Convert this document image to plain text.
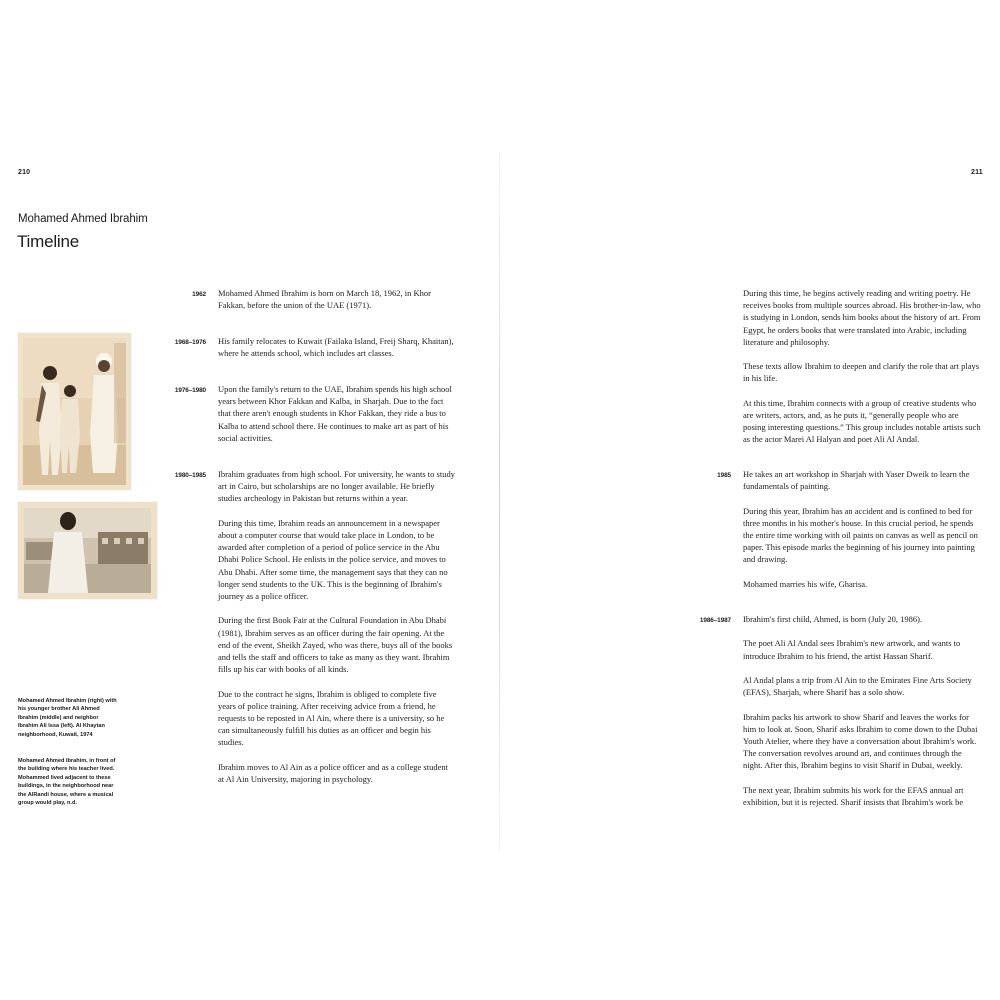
210
Mohamed Ahmed Ibrahim
Timeline
Mohamed Ahmed Ibrahim (right) with his younger brother Ali Ahmed Ibrahim (middle) and neighbor Ibrahim Ali Issa (left). Al Khaytan neighborhood, Kuwait, 1974
Mohamed Ahmed Ibrahim, in front of the building where his teacher lived. Mohammed lived adjacent to these buildings, in the neighborhood near the AlRandi house, where a musical group would play, n.d.
1962 Mohamed Ahmed Ibrahim is born on March 18, 1962, in Khor Fakkan, before the union of the UAE (1971).

1968–1976 His family relocates to Kuwait (Failaka Island, Freij Sharq, Khaitan), where he attends school, which includes art classes.

1976–1980 Upon the family's return to the UAE, Ibrahim spends his high school years between Khor Fakkan and Kalba, in Sharjah. Due to the fact that there aren't enough students in Khor Fakkan, they ride a bus to Kalba to attend school there. He continues to make art as part of his social activities.

1980–1985 Ibrahim graduates from high school. For university, he wants to study art in Cairo, but scholarships are no longer available. He briefly studies archeology in Pakistan but returns within a year.

During this time, Ibrahim reads an announcement in a newspaper about a computer course that would take place in London, to be awarded after completion of a period of police service in the Abu Dhabi Police School. He enlists in the police service, and moves to Abu Dhabi. After some time, the management says that they can no longer send students to the UK. This is the beginning of Ibrahim's journey as a police officer.

During the first Book Fair at the Cultural Foundation in Abu Dhabi (1981), Ibrahim serves as an officer during the fair opening. At the end of the event, Sheikh Zayed, who was there, buys all of the books and tells the staff and officers to take as many as they want. Ibrahim fills up his car with books of all kinds.

Due to the contract he signs, Ibrahim is obliged to complete five years of police training. After receiving advice from a friend, he requests to be reposted in Al Ain, where there is a university, so he can simultaneously fulfill his duties as an officer and begin his studies.

Ibrahim moves to Al Ain as a police officer and as a college student at Al Ain University, majoring in psychology.

211

During this time, he begins actively reading and writing poetry. He receives books from multiple sources abroad. His brother-in-law, who is studying in London, sends him books about the history of art. From Egypt, he orders books that were translated into Arabic, including literature and philosophy.

These texts allow Ibrahim to deepen and clarify the role that art plays in his life.

At this time, Ibrahim connects with a group of creative students who are writers, actors, and, as he puts it, “generally people who are posing interesting questions.” This group includes notable artists such as the actor Marei Al Halyan and poet Ali Al Andal.

1985 He takes an art workshop in Sharjah with Yaser Dweik to learn the fundamentals of painting.

During this year, Ibrahim has an accident and is confined to bed for three months in his mother's house. In this crucial period, he spends the entire time working with oil paints on canvas as well as pencil on paper. This episode marks the beginning of his journey into painting and drawing.

Mohamed marries his wife, Gharisa.

1986–1987 Ibrahim's first child, Ahmed, is born (July 20, 1986).

The poet Ali Al Andal sees Ibrahim's new artwork, and wants to introduce Ibrahim to his friend, the artist Hassan Sharif.

Al Andal plans a trip from Al Ain to the Emirates Fine Arts Society (EFAS), Sharjah, where Sharif has a solo show.

Ibrahim packs his artwork to show Sharif and leaves the works for him to look at. Soon, Sharif asks Ibrahim to come down to the Dubai Youth Atelier, where they have a conversation about Ibrahim's work. The conversation revolves around art, and continues through the night. After this, Ibrahim begins to visit Sharif in Dubai, weekly.

The next year, Ibrahim submits his work for the EFAS annual art exhibition, but it is rejected. Sharif insists that Ibrahim's work be
